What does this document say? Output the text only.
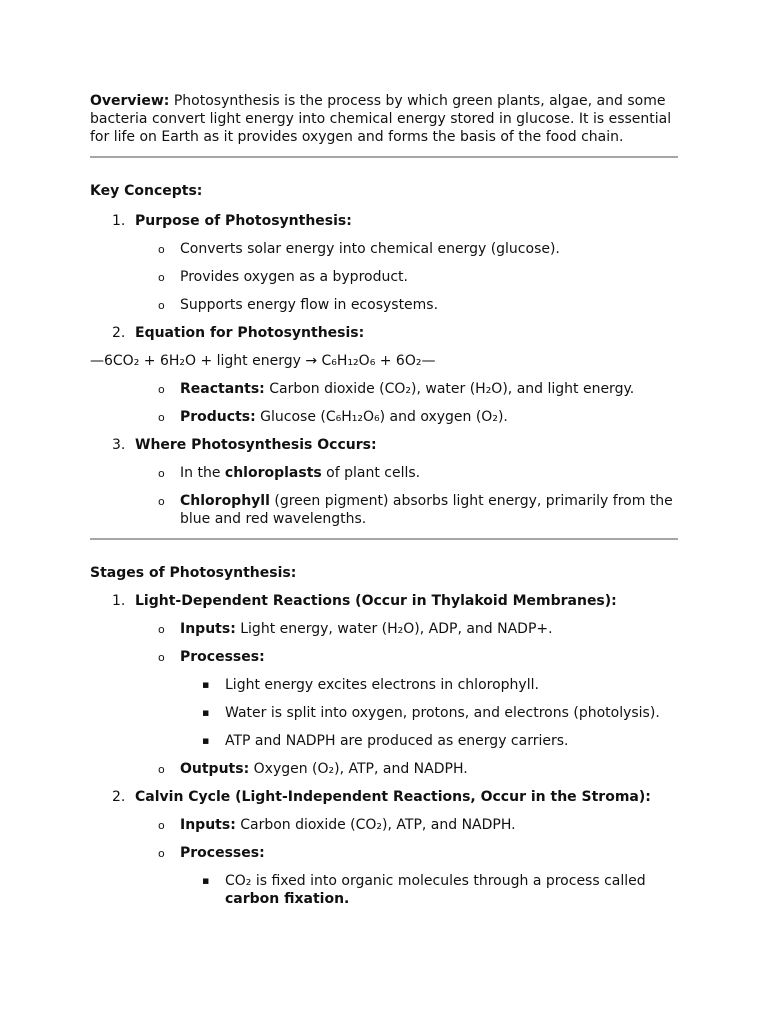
Overview: Photosynthesis is the process by which green plants, algae, and some bacteria convert light energy into chemical energy stored in glucose. It is essential for life on Earth as it provides oxygen and forms the basis of the food chain.

Key Concepts:
1. Purpose of Photosynthesis:
o Converts solar energy into chemical energy (glucose).
o Provides oxygen as a byproduct.
o Supports energy flow in ecosystems.
2. Equation for Photosynthesis:
—6CO₂ + 6H₂O + light energy → C₆H₁₂O₆ + 6O₂—
o Reactants: Carbon dioxide (CO₂), water (H₂O), and light energy.
o Products: Glucose (C₆H₁₂O₆) and oxygen (O₂).
3. Where Photosynthesis Occurs:
o In the chloroplasts of plant cells.
o Chlorophyll (green pigment) absorbs light energy, primarily from the blue and red wavelengths.
Stages of Photosynthesis:
1. Light-Dependent Reactions (Occur in Thylakoid Membranes):
o Inputs: Light energy, water (H₂O), ADP, and NADP+.
o Processes:
▪ Light energy excites electrons in chlorophyll.
▪ Water is split into oxygen, protons, and electrons (photolysis).
▪ ATP and NADPH are produced as energy carriers.
o Outputs: Oxygen (O₂), ATP, and NADPH.
2. Calvin Cycle (Light-Independent Reactions, Occur in the Stroma):
o Inputs: Carbon dioxide (CO₂), ATP, and NADPH.
o Processes:
▪ CO₂ is fixed into organic molecules through a process called carbon fixation.
